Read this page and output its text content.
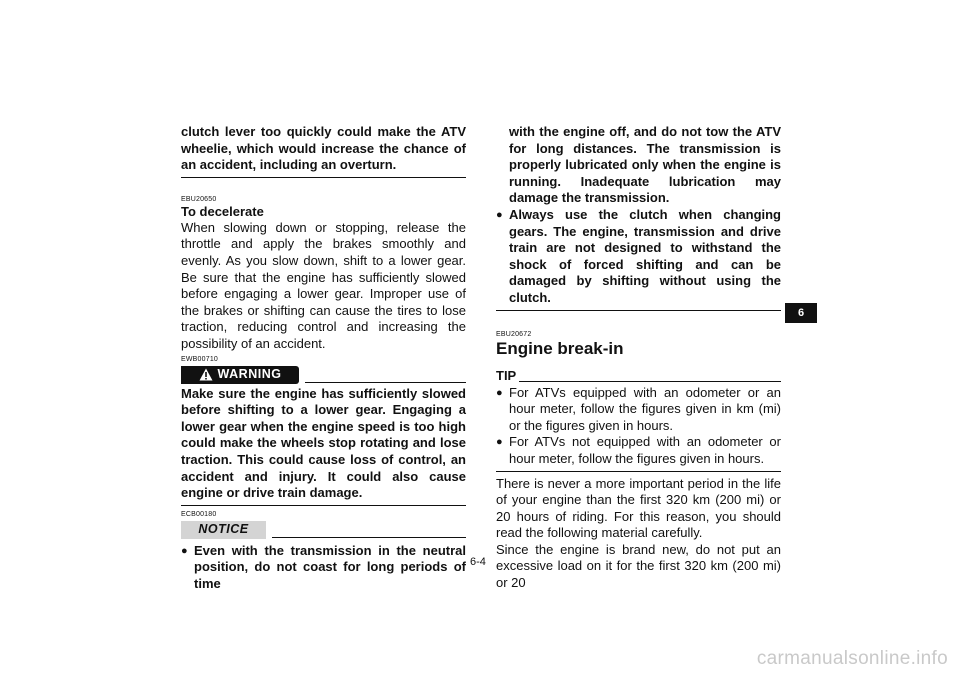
clutch lever too quickly could make the ATV wheelie, which would increase the chance of an accident, including an overturn.
EBU20650
To decelerate
When slowing down or stopping, release the throttle and apply the brakes smoothly and evenly. As you slow down, shift to a lower gear. Be sure that the engine has sufficiently slowed before engaging a lower gear. Improper use of the brakes or shifting can cause the tires to lose traction, reducing control and increasing the possibility of an accident.
EWB00710
WARNING
Make sure the engine has sufficiently slowed before shifting to a lower gear. Engaging a lower gear when the engine speed is too high could make the wheels stop rotating and lose traction. This could cause loss of control, an accident and injury. It could also cause engine or drive train damage.
ECB00180
NOTICE
● Even with the transmission in the neutral position, do not coast for long periods of time
with the engine off, and do not tow the ATV for long distances. The transmission is properly lubricated only when the engine is running. Inadequate lubrication may damage the transmission.
● Always use the clutch when changing gears. The engine, transmission and drive train are not designed to withstand the shock of forced shifting and can be damaged by shifting without using the clutch.
EBU20672
Engine break-in
TIP
● For ATVs equipped with an odometer or an hour meter, follow the figures given in km (mi) or the figures given in hours.
● For ATVs not equipped with an odometer or hour meter, follow the figures given in hours.
There is never a more important period in the life of your engine than the first 320 km (200 mi) or 20 hours of riding. For this reason, you should read the following material carefully.
Since the engine is brand new, do not put an excessive load on it for the first 320 km (200 mi) or 20
6-4
6
carmanualsonline.info
